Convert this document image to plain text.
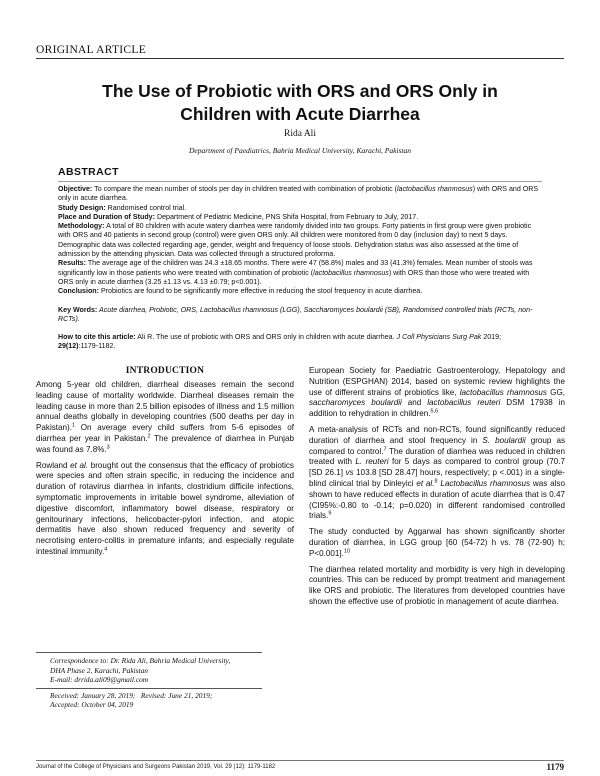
ORIGINAL ARTICLE
The Use of Probiotic with ORS and ORS Only in
Children with Acute Diarrhea
Rida Ali
Department of Paediatrics, Bahria Medical University, Karachi, Pakistan
ABSTRACT

Objective: To compare the mean number of stools per day in children treated with combination of probiotic (lactobacillus rhamnosus) with ORS and ORS only in acute diarrhea.

Study Design: Randomised control trial.

Place and Duration of Study: Department of Pediatric Medicine, PNS Shifa Hospital, from February to July, 2017.

Methodology: A total of 80 children with acute watery diarrhea were randomly divided into two groups. Forty patients in first group were given probiotic with ORS and 40 patients in second group (control) were given ORS only. All children were monitored from 0 day (inclusion day) to next 5 days. Demographic data was collected regarding age, gender, weight and frequency of loose stools. Dehydration status was also assessed at the time of admission by the attending physician. Data was collected through a structured proforma.

Results: The average age of the children was 24.3 ±18.65 months. There were 47 (58.8%) males and 33 (41.3%) females. Mean number of stools was significantly low in those patients who were treated with combination of probiotic (lactobacillus rhamnosus) with ORS than those who were treated with ORS only in acute diarrhea (3.25 ±1.13 vs. 4.13 ±0.79; p<0.001).

Conclusion: Probiotics are found to be significantly more effective in reducing the stool frequency in acute diarrhea.

Key Words: Acute diarrhea, Probiotic, ORS, Lactobacillus rhamnosus (LGG), Saccharomyces boulardii (SB), Randomised controlled trials (RCTs, non-RCTs).

How to cite this article: Ali R. The use of probiotic with ORS and ORS only in children with acute diarrhea. J Coll Physicians Surg Pak 2019; 29(12):1179-1182.

INTRODUCTION

Among 5-year old children, diarrheal diseases remain the second leading cause of mortality worldwide. Diarrheal diseases remain the leading cause in more than 2.5 billion episodes of illness and 1.5 million annual deaths globally in developing countries (500 deaths per day in Pakistan).$^1$ On average every child suffers from 5-6 episodes of diarrhea per year in Pakistan.$^2$ The prevalence of diarrhea in Punjab was found as 7.8%.$^3$

Rowland et al. brought out the consensus that the efficacy of probiotics were species and often strain specific, in reducing the incidence and duration of rotavirus diarrhea in infants, clostridium difficile infections, symptomatic improvements in irritable bowel syndrome, alleviation of digestive discomfort, inflammatory bowel disease, respiratory or genitourinary infections, helicobacter-pylori infection, and atopic dermatitis have also shown reduced frequency and severity of necrotising entero-colitis in premature infants; and especially regulate intestinal immunity.$^4$

Correspondence to: Dr. Rida Ali, Bahria Medical University,
DHA Phase 2, Karachi, Pakistan
E-mail: drrida.ali09@gmail.com
Received: January 28, 2019; Revised: June 21, 2019;
Accepted: October 04, 2019

European Society for Paediatric Gastroenterology, Hepatology and Nutrition (ESPGHAN) 2014, based on systemic review highlights the use of different strains of probiotics like, lactobacillus rhamnosus GG, saccharomyces boulardii and lactobacillus reuteri DSM 17938 in addition to rehydration in children.$^{5,6}$

A meta-analysis of RCTs and non-RCTs, found significantly reduced duration of diarrhea and stool frequency in S. boulardii group as compared to control.$^7$ The duration of diarrhea was reduced in children treated with L. reuteri for 5 days as compared to control group (70.7 [SD 26.1] vs 103.8 [SD 28.47] hours, respectively; p <.001) in a single-blind clinical trial by Dinleyici et al.$^8$ Lactobacillus rhamnosus was also shown to have reduced effects in duration of acute diarrhea that is 0.47 (CI95%:-0.80 to -0.14; p=0.020) in different randomised controlled trials.$^9$

The study conducted by Aggarwal has shown significantly shorter duration of diarrhea, in LGG group [60 (54-72) h vs. 78 (72-90) h; P<0.001].$^{10}$

The diarrhea related mortality and morbidity is very high in developing countries. This can be reduced by prompt treatment and management like ORS and probiotic. The literatures from developed countries have shown the effective use of probiotic in management of acute diarrhea.

Journal of the College of Physicians and Surgeons Pakistan 2019, Vol. 29 (12): 1179-1182	1179
